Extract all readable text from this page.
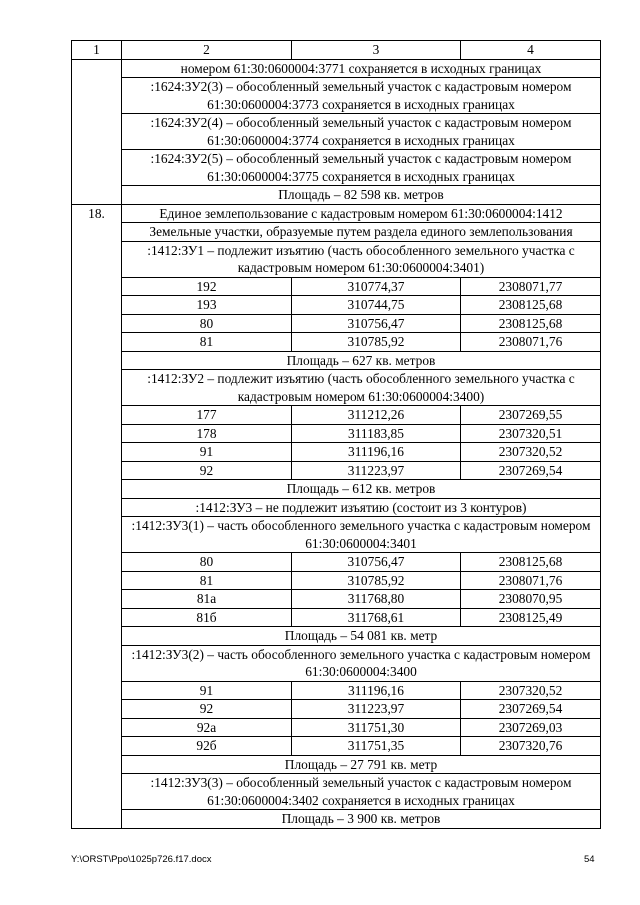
1	2	3	4
	номером 61:30:0600004:3771 сохраняется в исходных границах		
	:1624:ЗУ2(3) – обособленный земельный участок с кадастровым номером 61:30:0600004:3773 сохраняется в исходных границах		
	:1624:ЗУ2(4) – обособленный земельный участок с кадастровым номером 61:30:0600004:3774 сохраняется в исходных границах		
	:1624:ЗУ2(5) – обособленный земельный участок с кадастровым номером 61:30:0600004:3775 сохраняется в исходных границах		
	Площадь – 82 598 кв. метров		
18.	Единое землепользование с кадастровым номером 61:30:0600004:1412		
	Земельные участки, образуемые путем раздела единого землепользования		
	:1412:ЗУ1 – подлежит изъятию (часть обособленного земельного участка с кадастровым номером 61:30:0600004:3401)		
	192	310774,37	2308071,77
	193	310744,75	2308125,68
	80	310756,47	2308125,68
	81	310785,92	2308071,76
	Площадь – 627 кв. метров		
	:1412:ЗУ2 – подлежит изъятию (часть обособленного земельного участка с кадастровым номером 61:30:0600004:3400)		
	177	311212,26	2307269,55
	178	311183,85	2307320,51
	91	311196,16	2307320,52
	92	311223,97	2307269,54
	Площадь – 612 кв. метров		
	:1412:ЗУ3 – не подлежит изъятию (состоит из 3 контуров)		
	:1412:ЗУ3(1) – часть обособленного земельного участка с кадастровым номером 61:30:0600004:3401		
	80	310756,47	2308125,68
	81	310785,92	2308071,76
	81а	311768,80	2308070,95
	81б	311768,61	2308125,49
	Площадь – 54 081 кв. метр		
	:1412:ЗУ3(2) – часть обособленного земельного участка с кадастровым номером 61:30:0600004:3400		
	91	311196,16	2307320,52
	92	311223,97	2307269,54
	92а	311751,30	2307269,03
	92б	311751,35	2307320,76
	Площадь – 27 791 кв. метр		
	:1412:ЗУ3(3) – обособленный земельный участок с кадастровым номером 61:30:0600004:3402 сохраняется в исходных границах		
	Площадь – 3 900 кв. метров		
Y:\ORST\Ppo\1025p726.f17.docx	54
